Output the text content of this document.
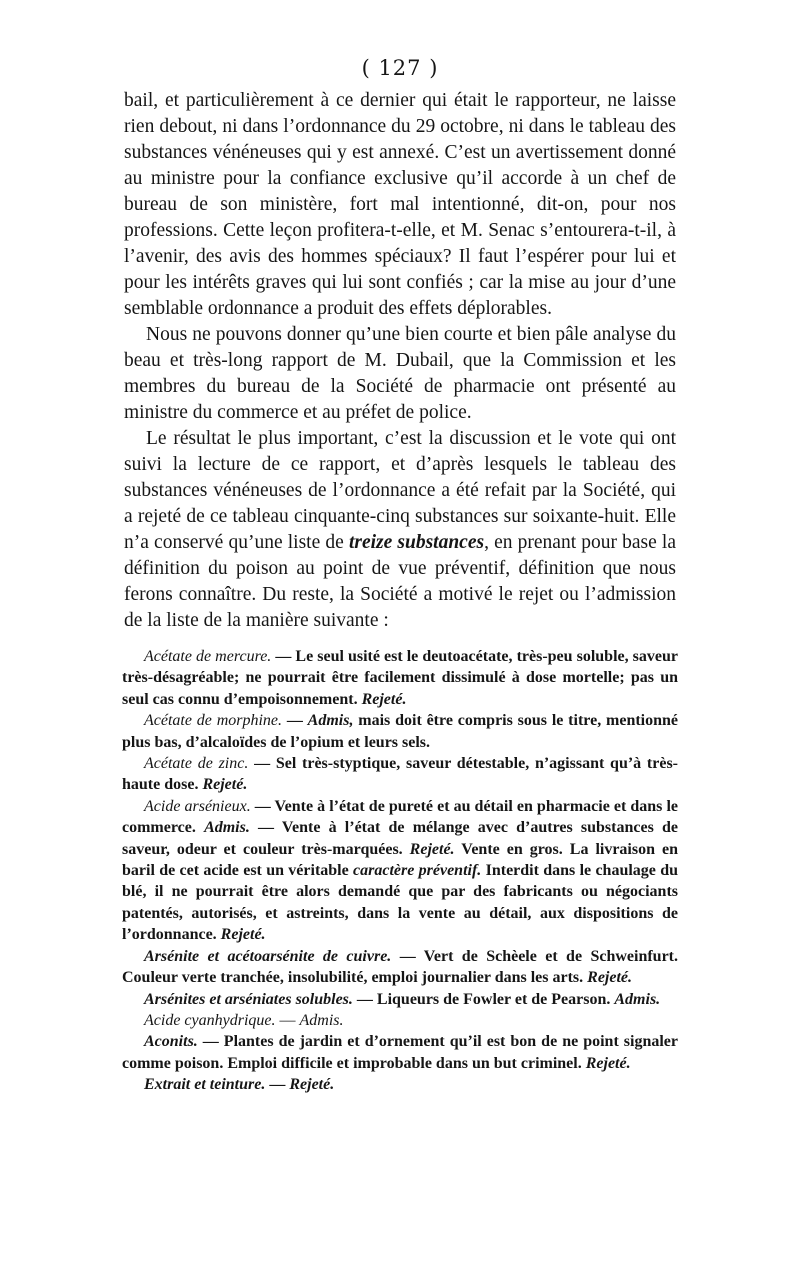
( 127 )

bail, et particulièrement à ce dernier qui était le rapporteur, ne laisse rien debout, ni dans l’ordonnance du 29 octobre, ni dans le tableau des substances vénéneuses qui y est annexé. C’est un avertissement donné au ministre pour la confiance exclusive qu’il accorde à un chef de bureau de son ministère, fort mal intentionné, dit-on, pour nos professions. Cette leçon profitera-t-elle, et M. Senac s’entourera-t-il, à l’avenir, des avis des hommes spéciaux? Il faut l’espérer pour lui et pour les intérêts graves qui lui sont confiés ; car la mise au jour d’une semblable ordonnance a produit des effets déplorables.

Nous ne pouvons donner qu’une bien courte et bien pâle analyse du beau et très-long rapport de M. Dubail, que la Commission et les membres du bureau de la Société de pharmacie ont présenté au ministre du commerce et au préfet de police.

Le résultat le plus important, c’est la discussion et le vote qui ont suivi la lecture de ce rapport, et d’après lesquels le tableau des substances vénéneuses de l’ordonnance a été refait par la Société, qui a rejeté de ce tableau cinquante-cinq substances sur soixante-huit. Elle n’a conservé qu’une liste de treize substances, en prenant pour base la définition du poison au point de vue préventif, définition que nous ferons connaître. Du reste, la Société a motivé le rejet ou l’admission de la liste de la manière suivante :

Acétate de mercure. — Le seul usité est le deutoacétate, très-peu soluble, saveur très-désagréable; ne pourrait être facilement dissimulé à dose mortelle; pas un seul cas connu d’empoisonnement. Rejeté.

Acétate de morphine. — Admis, mais doit être compris sous le titre, mentionné plus bas, d’alcaloïdes de l’opium et leurs sels.

Acétate de zinc. — Sel très-styptique, saveur détestable, n’agissant qu’à très-haute dose. Rejeté.

Acide arsénieux. — Vente à l’état de pureté et au détail en pharmacie et dans le commerce. Admis. — Vente à l’état de mélange avec d’autres substances de saveur, odeur et couleur très-marquées. Rejeté. Vente en gros. La livraison en baril de cet acide est un véritable caractère préventif. Interdit dans le chaulage du blé, il ne pourrait être alors demandé que par des fabricants ou négociants patentés, autorisés, et astreints, dans la vente au détail, aux dispositions de l’ordonnance. Rejeté.

Arsénite et acétoarsénite de cuivre. — Vert de Schèele et de Schweinfurt. Couleur verte tranchée, insolubilité, emploi journalier dans les arts. Rejeté.

Arsénites et arséniates solubles. — Liqueurs de Fowler et de Pearson. Admis.

Acide cyanhydrique. — Admis.

Aconits. — Plantes de jardin et d’ornement qu’il est bon de ne point signaler comme poison. Emploi difficile et improbable dans un but criminel. Rejeté.

Extrait et teinture. — Rejeté.
